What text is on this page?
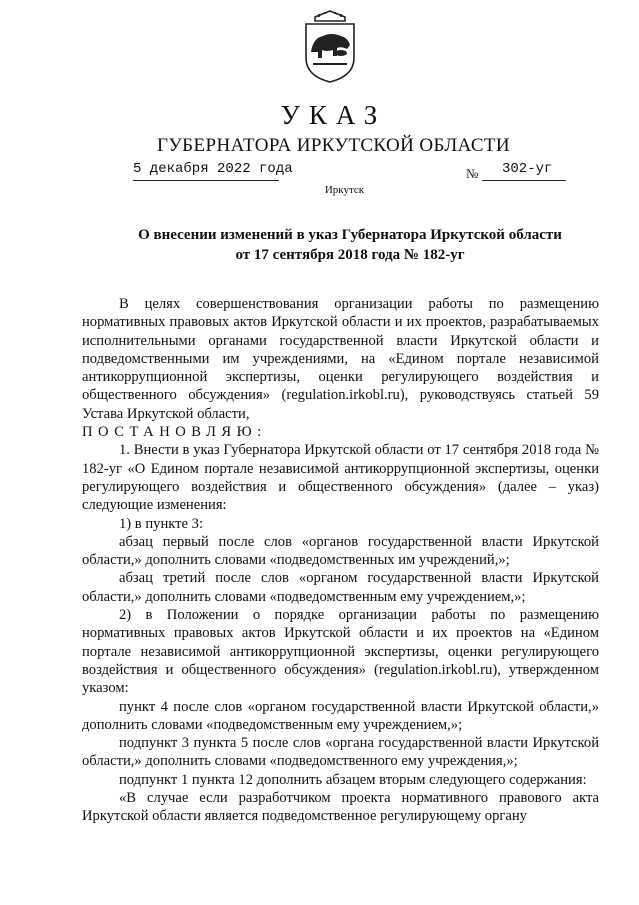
УКАЗ
ГУБЕРНАТОРА ИРКУТСКОЙ ОБЛАСТИ
5 декабря 2022 года	№ 302-уг
Иркутск
О внесении изменений в указ Губернатора Иркутской области
от 17 сентября 2018 года № 182-уг

В целях совершенствования организации работы по размещению нормативных правовых актов Иркутской области и их проектов, разрабатываемых исполнительными органами государственной власти Иркутской области и подведомственными им учреждениями, на «Едином портале независимой антикоррупционной экспертизы, оценки регулирующего воздействия и общественного обсуждения» (regulation.irkobl.ru), руководствуясь статьей 59 Устава Иркутской области,

ПОСТАНОВЛЯЮ:

1. Внести в указ Губернатора Иркутской области от 17 сентября 2018 года № 182-уг «О Едином портале независимой антикоррупционной экспертизы, оценки регулирующего воздействия и общественного обсуждения» (далее – указ) следующие изменения:

1) в пункте 3:

абзац первый после слов «органов государственной власти Иркутской области,» дополнить словами «подведомственных им учреждений,»;

абзац третий после слов «органом государственной власти Иркутской области,» дополнить словами «подведомственным ему учреждением,»;

2) в Положении о порядке организации работы по размещению нормативных правовых актов Иркутской области и их проектов на «Едином портале независимой антикоррупционной экспертизы, оценки регулирующего воздействия и общественного обсуждения» (regulation.irkobl.ru), утвержденном указом:

пункт 4 после слов «органом государственной власти Иркутской области,» дополнить словами «подведомственным ему учреждением,»;

подпункт 3 пункта 5 после слов «органа государственной власти Иркутской области,» дополнить словами «подведомственного ему учреждения,»;

подпункт 1 пункта 12 дополнить абзацем вторым следующего содержания:

«В случае если разработчиком проекта нормативного правового акта Иркутской области является подведомственное регулирующему органу
